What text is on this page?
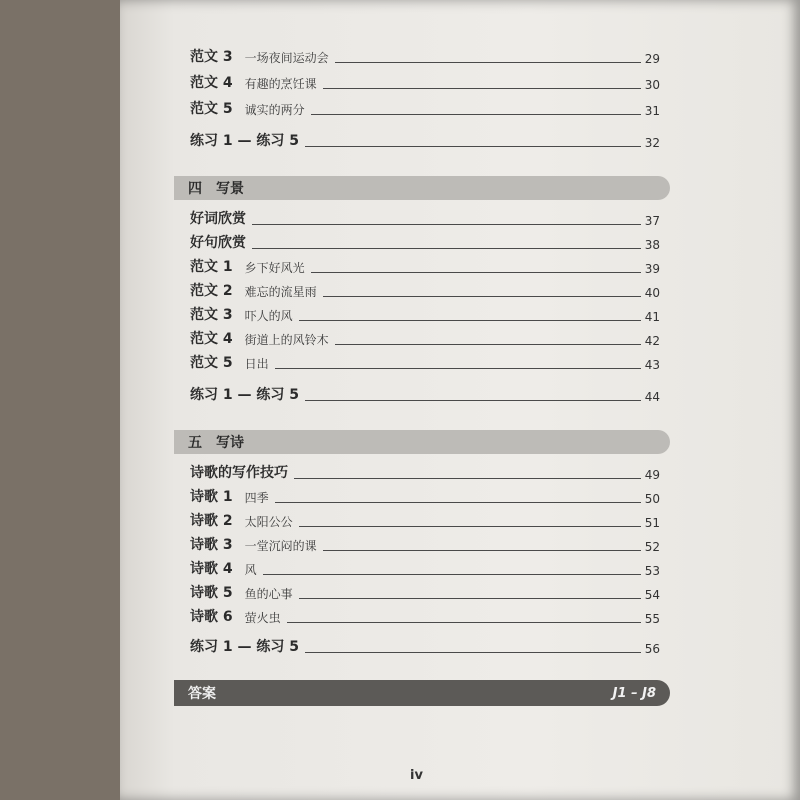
范文 3 一场夜间运动会	29
范文 4 有趣的烹饪课	30
范文 5 诚实的两分	31
练习 1 — 练习 5	32
四 写景
好词欣赏	37
好句欣赏	38
范文 1 乡下好风光	39
范文 2 难忘的流星雨	40
范文 3 吓人的风	41
范文 4 街道上的风铃木	42
范文 5 日出	43
练习 1 — 练习 5	44
五 写诗
诗歌的写作技巧	49
诗歌 1 四季	50
诗歌 2 太阳公公	51
诗歌 3 一堂沉闷的课	52
诗歌 4 风	53
诗歌 5 鱼的心事	54
诗歌 6 萤火虫	55
练习 1 — 练习 5	56
答案	J1 – J8
iv
